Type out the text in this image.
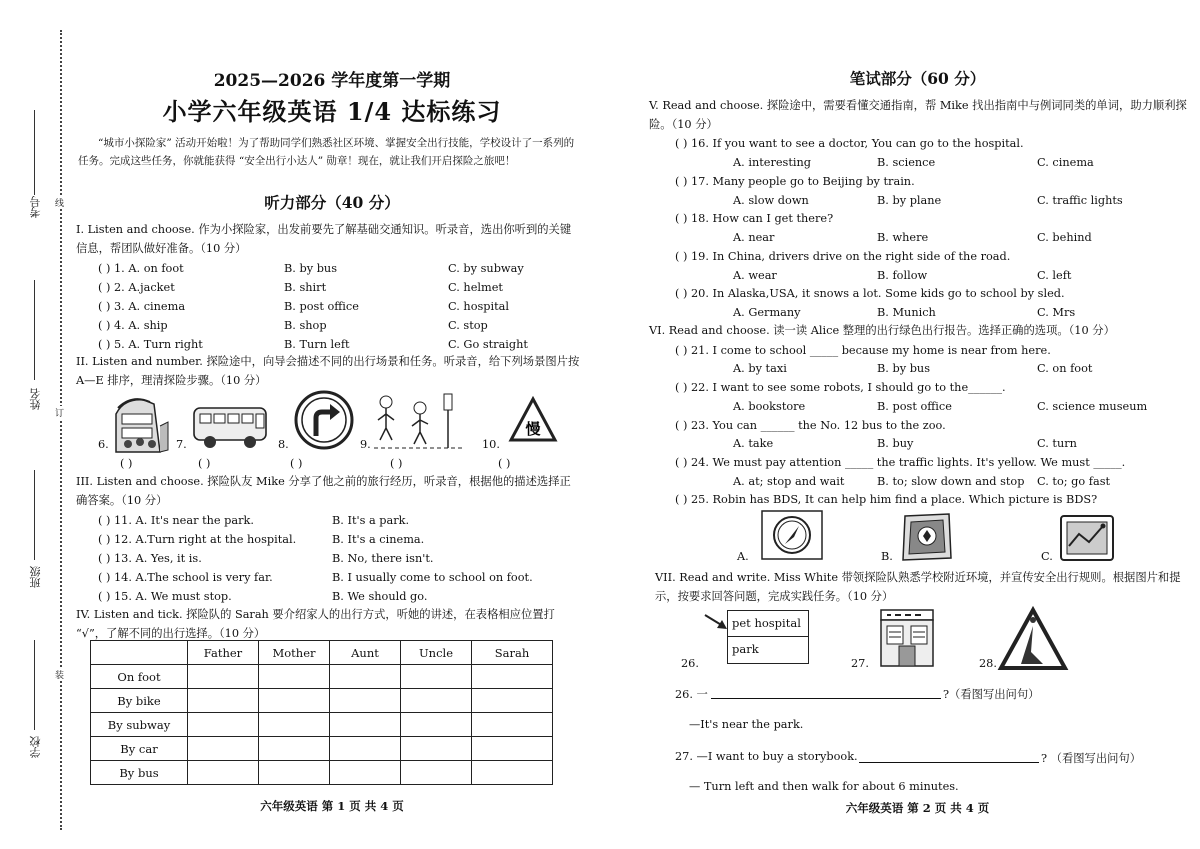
考号
姓名
班级
学校
线
订
装
2025—2026 学年度第一学期
小学六年级英语 1/4 达标练习
“城市小探险家” 活动开始啦！为了帮助同学们熟悉社区环境、掌握安全出行技能，学校设计了一系列的任务。完成这些任务，你就能获得 “安全出行小达人” 勋章！现在，就让我们开启探险之旅吧！
听力部分（40 分）
I. Listen and choose. 作为小探险家，出发前要先了解基础交通知识。听录音，选出你听到的关键信息，帮团队做好准备。（10 分）
( ) 1. A. on foot	B. by bus	C. by subway
( ) 2. A.jacket	B. shirt	C. helmet
( ) 3. A. cinema	B. post office	C. hospital
( ) 4. A. ship	B. shop	C. stop
( ) 5. A. Turn right	B. Turn left	C. Go straight
II. Listen and number. 探险途中，向导会描述不同的出行场景和任务。听录音，给下列场景图片按 A—E 排序，理清探险步骤。（10 分）
6.	7.	8.	9.	10.
慢
( )	( )	( )	( )	( )
III. Listen and choose. 探险队友 Mike 分享了他之前的旅行经历，听录音，根据他的描述选择正确答案。（10 分）
( ) 11. A. It's near the park.	B. It's a park.
( ) 12. A.Turn right at the hospital.	B. It's a cinema.
( ) 13. A. Yes, it is.	B. No, there isn't.
( ) 14. A.The school is very far.	B. I usually come to school on foot.
( ) 15. A. We must stop.	B. We should go.
IV. Listen and tick. 探险队的 Sarah 要介绍家人的出行方式，听她的讲述，在表格相应位置打 “√”，了解不同的出行选择。（10 分）
	Father	Mother	Aunt	Uncle	Sarah
On foot					
By bike					
By subway					
By car					
By bus					
六年级英语 第 1 页 共 4 页
笔试部分（60 分）
V. Read and choose. 探险途中，需要看懂交通指南，帮 Mike 找出指南中与例词同类的单词，助力顺利探险。（10 分）
( ) 16. If you want to see a doctor, You can go to the hospital.
A. interesting	B. science	C. cinema
( ) 17. Many people go to Beijing by train.
A. slow down	B. by plane	C. traffic lights
( ) 18. How can I get there?
A. near	B. where	C. behind
( ) 19. In China, drivers drive on the right side of the road.
A. wear	B. follow	C. left
( ) 20. In Alaska,USA, it snows a lot. Some kids go to school by sled.
A. Germany	B. Munich	C. Mrs
VI. Read and choose. 读一读 Alice 整理的出行绿色出行报告。选择正确的选项。（10 分）
( ) 21. I come to school _____ because my home is near from here.
A. by taxi	B. by bus	C. on foot
( ) 22. I want to see some robots, I should go to the______.
A. bookstore	B. post office	C. science museum
( ) 23. You can ______ the No. 12 bus to the zoo.
A. take	B. buy	C. turn
( ) 24. We must pay attention _____ the traffic lights. It's yellow. We must _____.
A. at; stop and wait	B. to; slow down and stop C. to; go fast
( ) 25. Robin has BDS, It can help him find a place. Which picture is BDS?
A.	B.	C.
VII. Read and write. Miss White 带领探险队熟悉学校附近环境，并宣传安全出行规则。根据图片和提示，按要求回答问题，完成实践任务。（10 分）
pet hospital
park
26.	27.	28.
26. 一	?（看图写出问句）
—It's near the park.
27. —I want to buy a storybook.	? （看图写出问句）
— Turn left and then walk for about 6 minutes.
六年级英语 第 2 页 共 4 页
